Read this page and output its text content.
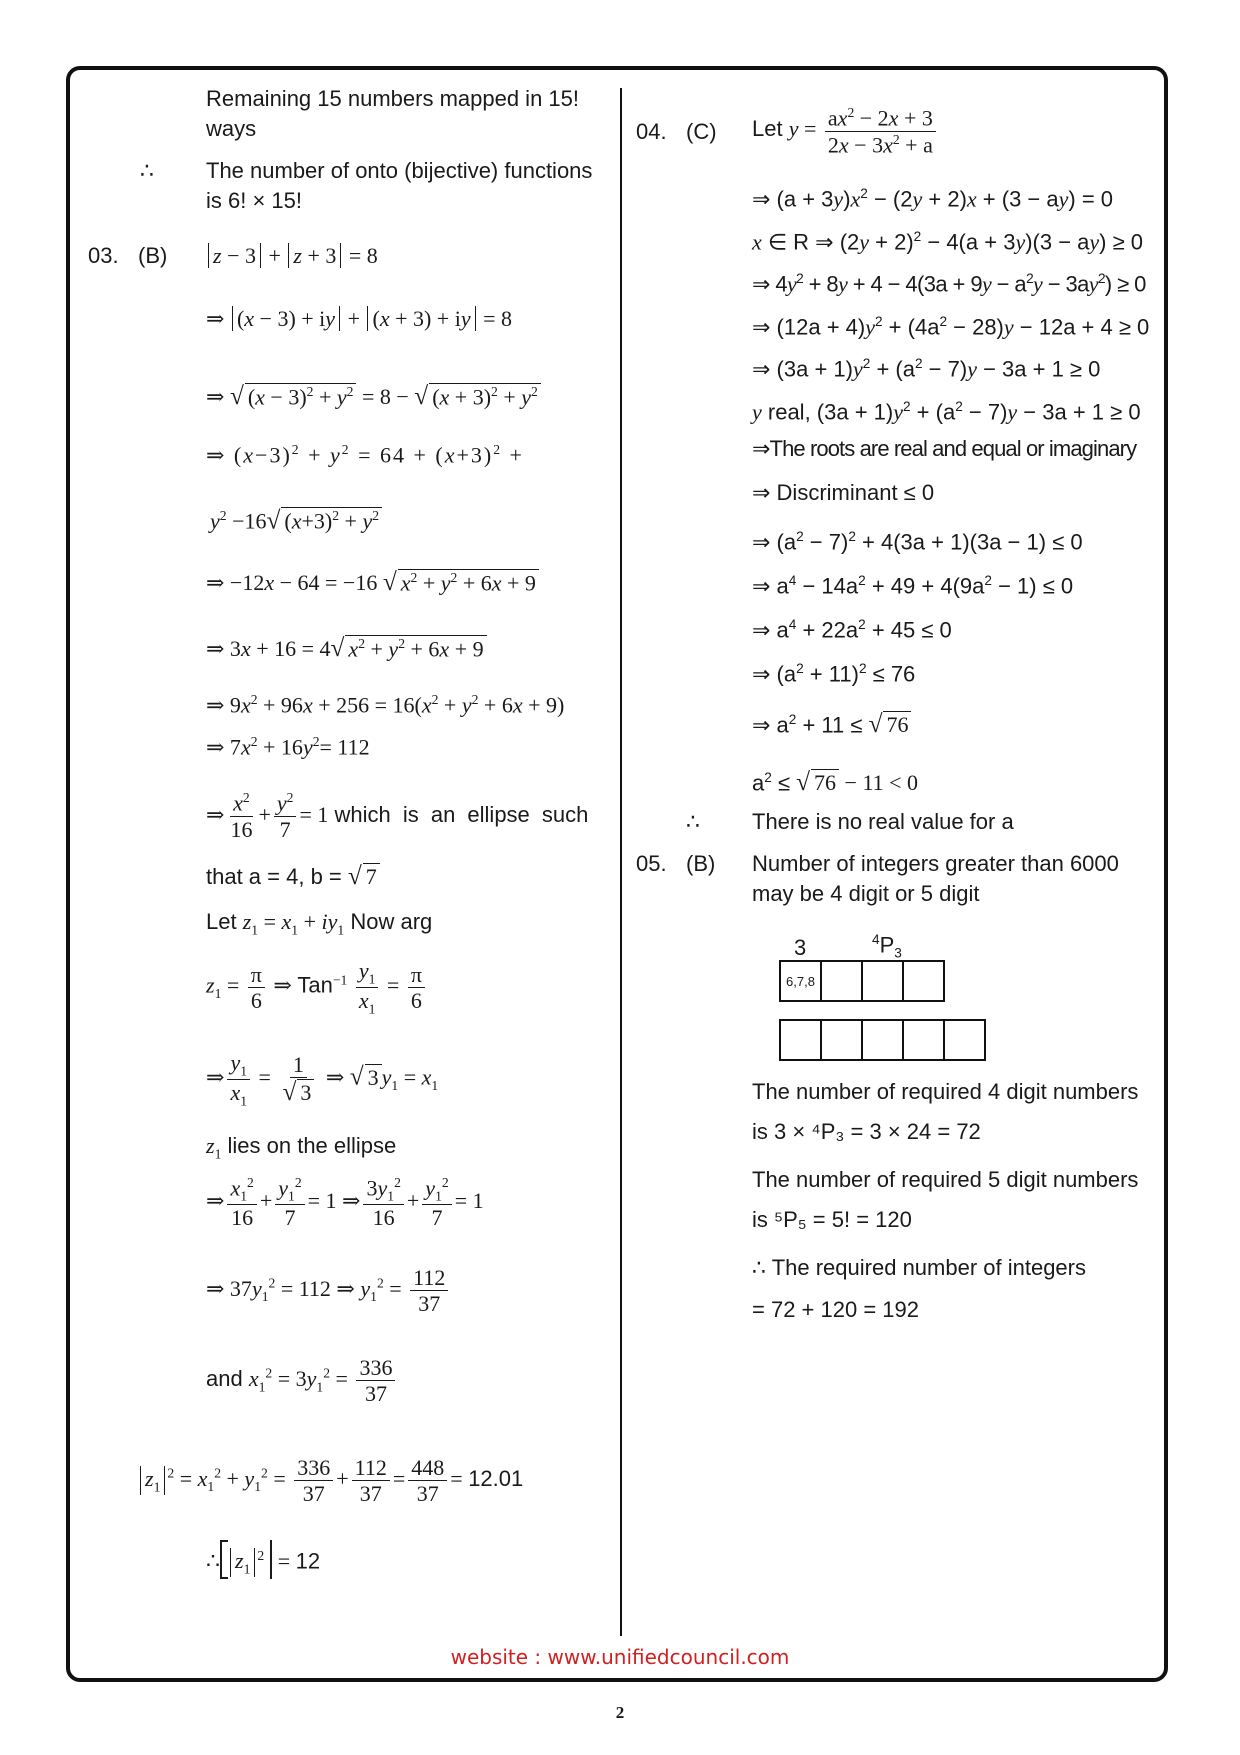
Remaining 15 numbers mapped in 15!
ways
∴ The number of onto (bijective) functions
is 6! × 15!
03. (B)	z − 3 + z + 3 = 8
⇒ (x − 3) + iy + (x + 3) + iy = 8
⇒ √ $(x - 3)^2 + y^2 = 8$ − √ $(x + 3)^2 + y^2$
⇒ $(x-3)^2 + y^2 = 64 + (x+3)^2$ +
$y^2 -16√$ $(x+3)^2 + y^2$
⇒ −12x − 64 = −16 √ $x^2 + y^2 + 6x + 9$
⇒ 3x + 16 = 4√ $x^2 + y^2 + 6x + 9$
⇒ $9x^2 + 96x + 256 = 16(x^2 + y^2 + 6x + 9)$
⇒ $7x^2 + 16y^2= 112$
⇒ $\frac{x^2}{16} + \frac{y^2}{7} = 1$ which is an ellipse such
that a = 4, b = √ 7
Let $z_1 = x_1 + iy_1$ Now arg
$z_1 = \frac{\pi}{6}$ ⇒ $Tan^{-1} \frac{y_1}{x_1} = \frac{\pi}{6}$
⇒ $\frac{y_1}{x_1} = \frac{1}{√ 3}$ ⇒ √ 3 $y_1 = x_1$
$z_1$ lies on the ellipse
⇒ $\frac{x_1^2}{16} + \frac{y_1^2}{7} = 1$ ⇒ $\frac{3y_1^2}{16} + \frac{y_1^2}{7} = 1$
⇒ $37y_1^2 = 112$ ⇒ $y_1^2 = \frac{112}{37}$
and $x_1^2 = 3y_1^2 = \frac{336}{37}$
$z_1^2 = x_1^2 + y_1^2 = \frac{336}{37} + \frac{112}{37} = \frac{448}{37} = 12.01$
∴ $z_1^2 = 12$
04. (C) Let $y = \frac{ax^2 - 2x + 3}{2x - 3x^2 + a}$
⇒ $(a + 3y)x^2 - (2y + 2)x + (3 - ay) = 0$
x ∈ R ⇒ $(2y + 2)^2 - 4(a + 3y)(3 - ay) \ge 0$
⇒ $4y^2 + 8y + 4 - 4(3a + 9y - a^2y - 3ay^2) \ge 0$
⇒ $(12a + 4)y^2 + (4a^2 - 28)y - 12a + 4 \ge 0$
⇒ $(3a + 1)y^2 + (a^2 - 7)y - 3a + 1 \ge 0$
y real, $(3a + 1)y^2 + (a^2 - 7)y - 3a + 1 \ge 0$
⇒The roots are real and equal or imaginary
⇒ Discriminant ≤ 0
⇒ $(a^2 - 7)^2 + 4(3a + 1)(3a - 1) \le 0$
⇒ $a^4 - 14a^2 + 49 + 4(9a^2 - 1) \le 0$
⇒ $a^4 + 22a^2 + 45 \le 0$
⇒ $(a^2 + 11)^2 \le 76$
⇒ $a^2 + 11$ ≤ √ 76
$a^2$ ≤ √ 76 − 11 < 0
∴ There is no real value for a
05. (B) Number of integers greater than 6000
may be 4 digit or 5 digit
3	$^4P_3$
6,7,8
The number of required 4 digit numbers
is 3 × ⁴P₃ = 3 × 24 = 72
The number of required 5 digit numbers
is ⁵P₅ = 5! = 120
∴ The required number of integers
= 72 + 120 = 192
website : www.unifiedcouncil.com
2
